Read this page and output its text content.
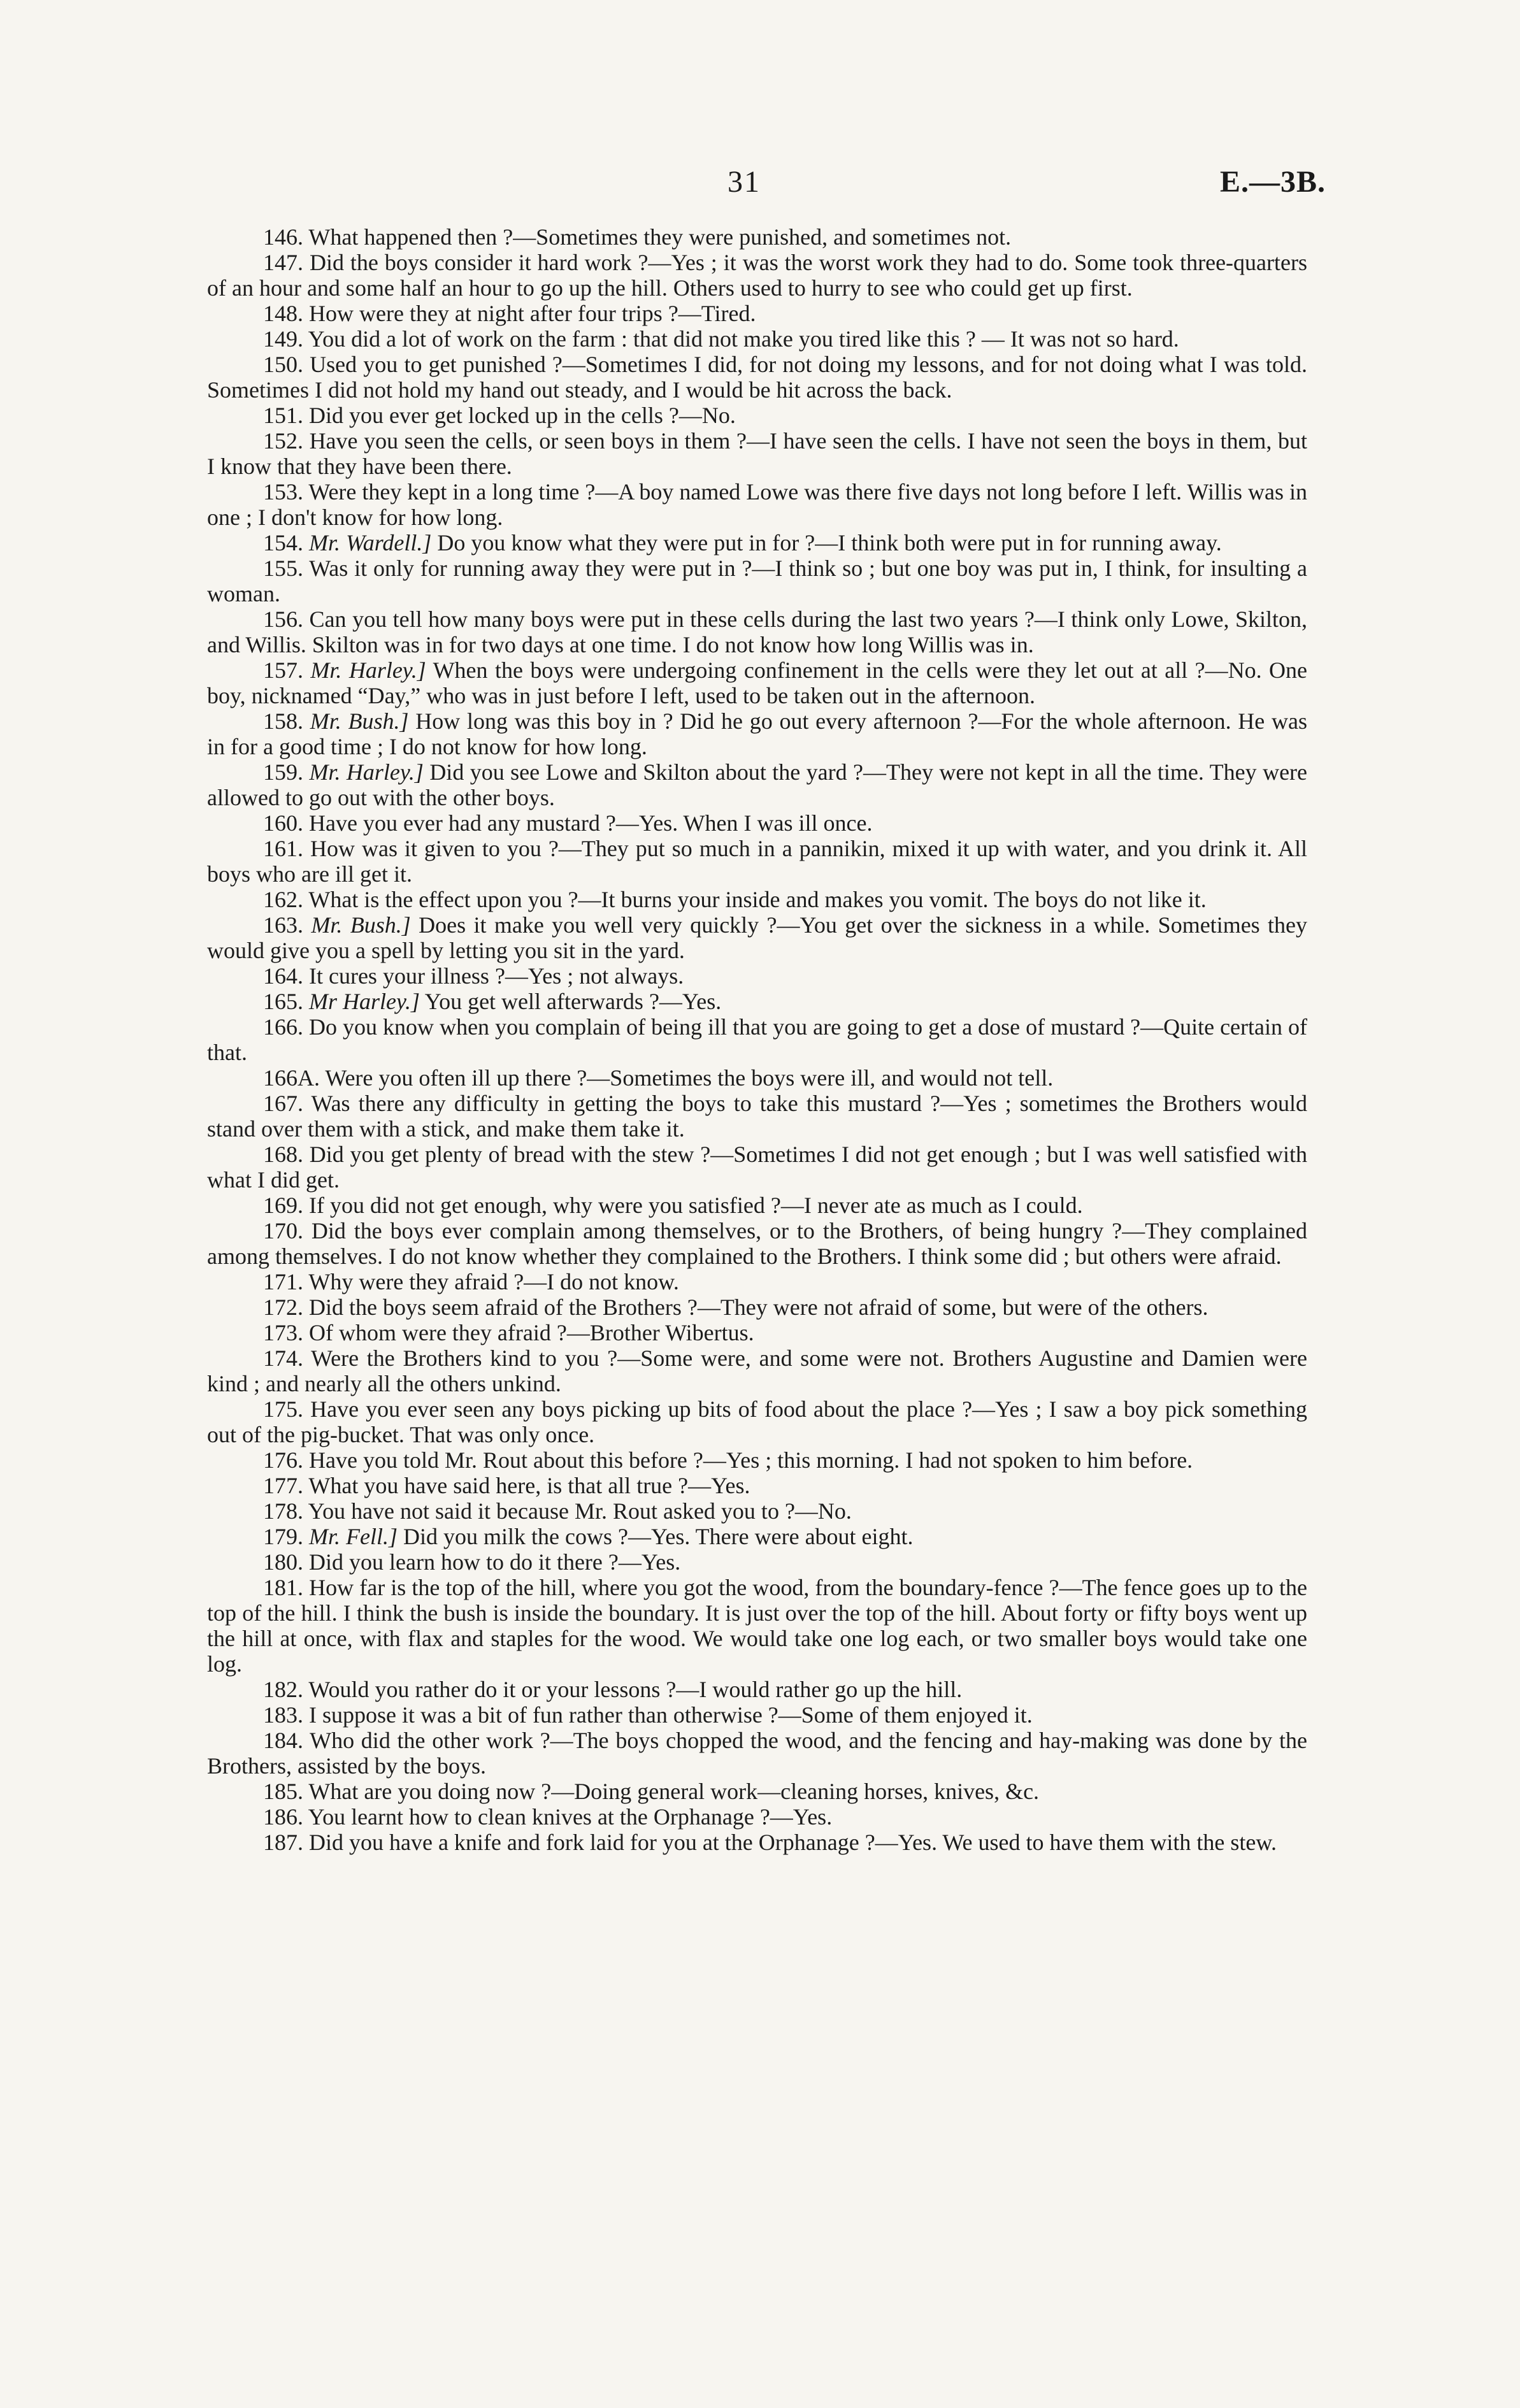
31	E.—3B.

146. What happened then ?—Sometimes they were punished, and sometimes not.

147. Did the boys consider it hard work ?—Yes ; it was the worst work they had to do. Some took three-quarters of an hour and some half an hour to go up the hill. Others used to hurry to see who could get up first.

148. How were they at night after four trips ?—Tired.

149. You did a lot of work on the farm : that did not make you tired like this ? — It was not so hard.

150. Used you to get punished ?—Sometimes I did, for not doing my lessons, and for not doing what I was told. Sometimes I did not hold my hand out steady, and I would be hit across the back.

151. Did you ever get locked up in the cells ?—No.

152. Have you seen the cells, or seen boys in them ?—I have seen the cells. I have not seen the boys in them, but I know that they have been there.

153. Were they kept in a long time ?—A boy named Lowe was there five days not long before I left. Willis was in one ; I don't know for how long.

154. Mr. Wardell.] Do you know what they were put in for ?—I think both were put in for running away.

155. Was it only for running away they were put in ?—I think so ; but one boy was put in, I think, for insulting a woman.

156. Can you tell how many boys were put in these cells during the last two years ?—I think only Lowe, Skilton, and Willis. Skilton was in for two days at one time. I do not know how long Willis was in.

157. Mr. Harley.] When the boys were undergoing confinement in the cells were they let out at all ?—No. One boy, nicknamed “Day,” who was in just before I left, used to be taken out in the afternoon.

158. Mr. Bush.] How long was this boy in ? Did he go out every afternoon ?—For the whole afternoon. He was in for a good time ; I do not know for how long.

159. Mr. Harley.] Did you see Lowe and Skilton about the yard ?—They were not kept in all the time. They were allowed to go out with the other boys.

160. Have you ever had any mustard ?—Yes. When I was ill once.

161. How was it given to you ?—They put so much in a pannikin, mixed it up with water, and you drink it. All boys who are ill get it.

162. What is the effect upon you ?—It burns your inside and makes you vomit. The boys do not like it.

163. Mr. Bush.] Does it make you well very quickly ?—You get over the sickness in a while. Sometimes they would give you a spell by letting you sit in the yard.

164. It cures your illness ?—Yes ; not always.

165. Mr Harley.] You get well afterwards ?—Yes.

166. Do you know when you complain of being ill that you are going to get a dose of mustard ?—Quite certain of that.

166A. Were you often ill up there ?—Sometimes the boys were ill, and would not tell.

167. Was there any difficulty in getting the boys to take this mustard ?—Yes ; sometimes the Brothers would stand over them with a stick, and make them take it.

168. Did you get plenty of bread with the stew ?—Sometimes I did not get enough ; but I was well satisfied with what I did get.

169. If you did not get enough, why were you satisfied ?—I never ate as much as I could.

170. Did the boys ever complain among themselves, or to the Brothers, of being hungry ?—They complained among themselves. I do not know whether they complained to the Brothers. I think some did ; but others were afraid.

171. Why were they afraid ?—I do not know.

172. Did the boys seem afraid of the Brothers ?—They were not afraid of some, but were of the others.

173. Of whom were they afraid ?—Brother Wibertus.

174. Were the Brothers kind to you ?—Some were, and some were not. Brothers Augustine and Damien were kind ; and nearly all the others unkind.

175. Have you ever seen any boys picking up bits of food about the place ?—Yes ; I saw a boy pick something out of the pig-bucket. That was only once.

176. Have you told Mr. Rout about this before ?—Yes ; this morning. I had not spoken to him before.

177. What you have said here, is that all true ?—Yes.

178. You have not said it because Mr. Rout asked you to ?—No.

179. Mr. Fell.] Did you milk the cows ?—Yes. There were about eight.

180. Did you learn how to do it there ?—Yes.

181. How far is the top of the hill, where you got the wood, from the boundary-fence ?—The fence goes up to the top of the hill. I think the bush is inside the boundary. It is just over the top of the hill. About forty or fifty boys went up the hill at once, with flax and staples for the wood. We would take one log each, or two smaller boys would take one log.

182. Would you rather do it or your lessons ?—I would rather go up the hill.

183. I suppose it was a bit of fun rather than otherwise ?—Some of them enjoyed it.

184. Who did the other work ?—The boys chopped the wood, and the fencing and hay-making was done by the Brothers, assisted by the boys.

185. What are you doing now ?—Doing general work—cleaning horses, knives, &c.

186. You learnt how to clean knives at the Orphanage ?—Yes.

187. Did you have a knife and fork laid for you at the Orphanage ?—Yes. We used to have them with the stew.
